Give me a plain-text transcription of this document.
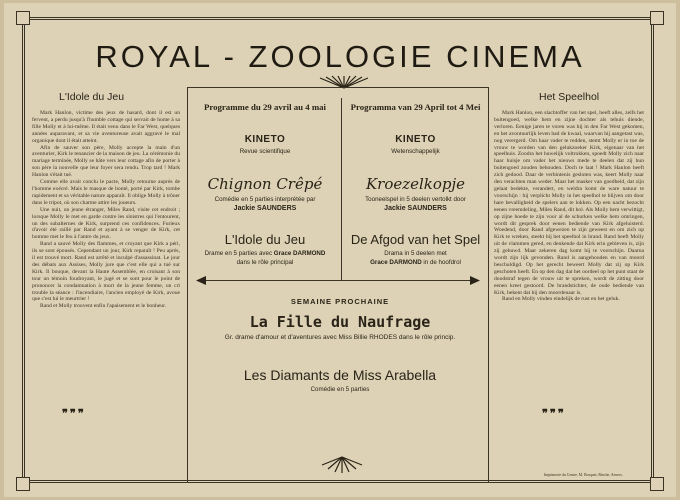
ROYAL - ZOOLOGIE CINEMA
L'Idole du Jeu

Mark Hanlon, victime des jeux de hasard, dont il est un fervent, a perdu jusqu'à l'humble cottage qui servait de home à sa fille Molly et à lui-même. Il était venu dans le Far West, quelques années auparavant, et sa vie aventureuse avait aggravé le mal organique dont il était atteint.

Afin de sauver son père, Molly accepte la main d'un aventurier, Kirk le tenancier de la maison de jeu. La cérémonie du mariage terminée, Molly se hâte vers leur cottage afin de porter à son père la nouvelle que leur foyer sera rendu. Trop tard ! Mark Hanlon s'était tué.

Comme elle avait conclu le pacte, Molly retourne auprès de l'homme exécré. Mais le masque de bonté, porté par Kirk, tombe rapidement et sa véritable nature apparaît. Il oblige Molly à trôner dans le tripot, où son charme attire les joueurs.

Une nuit, un jeune étranger, Miles Rand, visite cet endroit ; lorsque Molly le met en garde contre les sinistres qui l'entourent, un des subalternes de Kirk, surprend ces confidences. Furieux d'avoir été raillé par Rand et ayant à se venger de Kirk, cet homme met le feu à l'antre du jeux.

Rand a sauvé Molly des flammes, et croyant que Kirk a péri, ils se sont épousés. Cependant un jour, Kirk reparaît ! Peu après, il est trouvé mort. Rand est arrêté et inculpé d'assassinat. Le jour des débats aux Assises, Molly jure que c'est elle qui a tué sur Kirk. Il bouque, devant la Haute Assemblée, en croisant à son tour un témoin foudroyant, le jugé et se sont pour le point de prononcer la condamnation à mort de la jeune femme, un cri trouble la séance : l'incendiaire, l'ancien employé de Kirk, avoue que c'est lui le meurtrier !

Rand et Molly trouvent enfin l'apaisement et le bonheur.

Het Speelhol

Mark Hanlon, een slachtoffer van het spel, heeft alles, zelfs het buitengoed, welke hem en zijne dochter als tehuis diende, verloren. Eenige jaren te voren was hij in den Far West gekomen, en het avontuurlijk leven had de kwaal, waarvan hij aangetast was, nog verergerd. Om haar vader te redden, stemt Molly er in toe de vrouw te worden van den gelukzoeker Kirk, eigenaar van het speelhuis. Zoodra het huwelijk voltrokken, spoedt Molly zich naar haar huisje om vader het nieuws mede te deelen dat zij hun buitengoed zouden behouden. Doch te laat ! Mark Hanlon heeft zich gedood. Daar de verbintenis gesloten was, keert Molly naar den verachten man weder. Maar het masker van goedheid, dat zijn gelaat bedekte, verandert, en weldra komt de ware natuur te voorschijn : hij verplicht Molly in het speelhol te blijven om door hare bevalligheid de spelers aan te lokken. Op een nacht bezocht eenen vreemdeling, Miles Rand, dit hol. Als Molly hem verwittigt, op zijne hoede te zijn voor al de schurken welke hem omringen, wordt dit gesprek door eenen bediende van Kirk afgeluisterd. Woedend, door Rand afgewezen te zijn geweest en om zich op Kirk te wreken, steekt hij het speelhol in brand. Rand heeft Molly uit de vlammen gered, en denkende dat Kirk erin gebleven is, zijn zij gehuwd. Maar zekeren dag komt hij te voorschijn. Daarna wordt zijn lijk gevonden. Rand is aangehouden en van moord beschuldigd. Op het gerecht beweert Molly dat zij op Kirk geschoten heeft. En op den dag dat het oordeel op het punt staat de doodstraf tegen de vrouw uit te spreken, wordt de zitting door eenen kreet gestoord. De brandstichter, de oude bediende van Kirk, bekent dat hij den moordenaar is.

Rand en Molly vinden eindelijk de rust en het geluk.

Programme du 29 avril au 4 mai	Programma van 29 April tot 4 Mei
KINETO
Revue scientifique
KINETO
Wetenschappelijk
Chignon Crêpé
Comédie en 5 parties interprétée par
Jackie SAUNDERS
Kroezelkopje
Tooneelspel in 5 deelen vertolkt door
Jackie SAUNDERS
L'Idole du Jeu
Drame en 5 parties avec Grace DARMOND
dans le rôle principal
De Afgod van het Spel
Drama in 5 deelen met
Grace DARMOND in de hoofdrol
SEMAINE PROCHAINE
La Fille du Naufrage
Gr. drame d'amour et d'aventures avec Miss Billie RHODES dans le rôle princip.
Les Diamants de Miss Arabella
Comédie en 5 parties
❞❞❞	❞❞❞
Imprimerie du Centre, M. Bosquet, Binche, Anvers.
